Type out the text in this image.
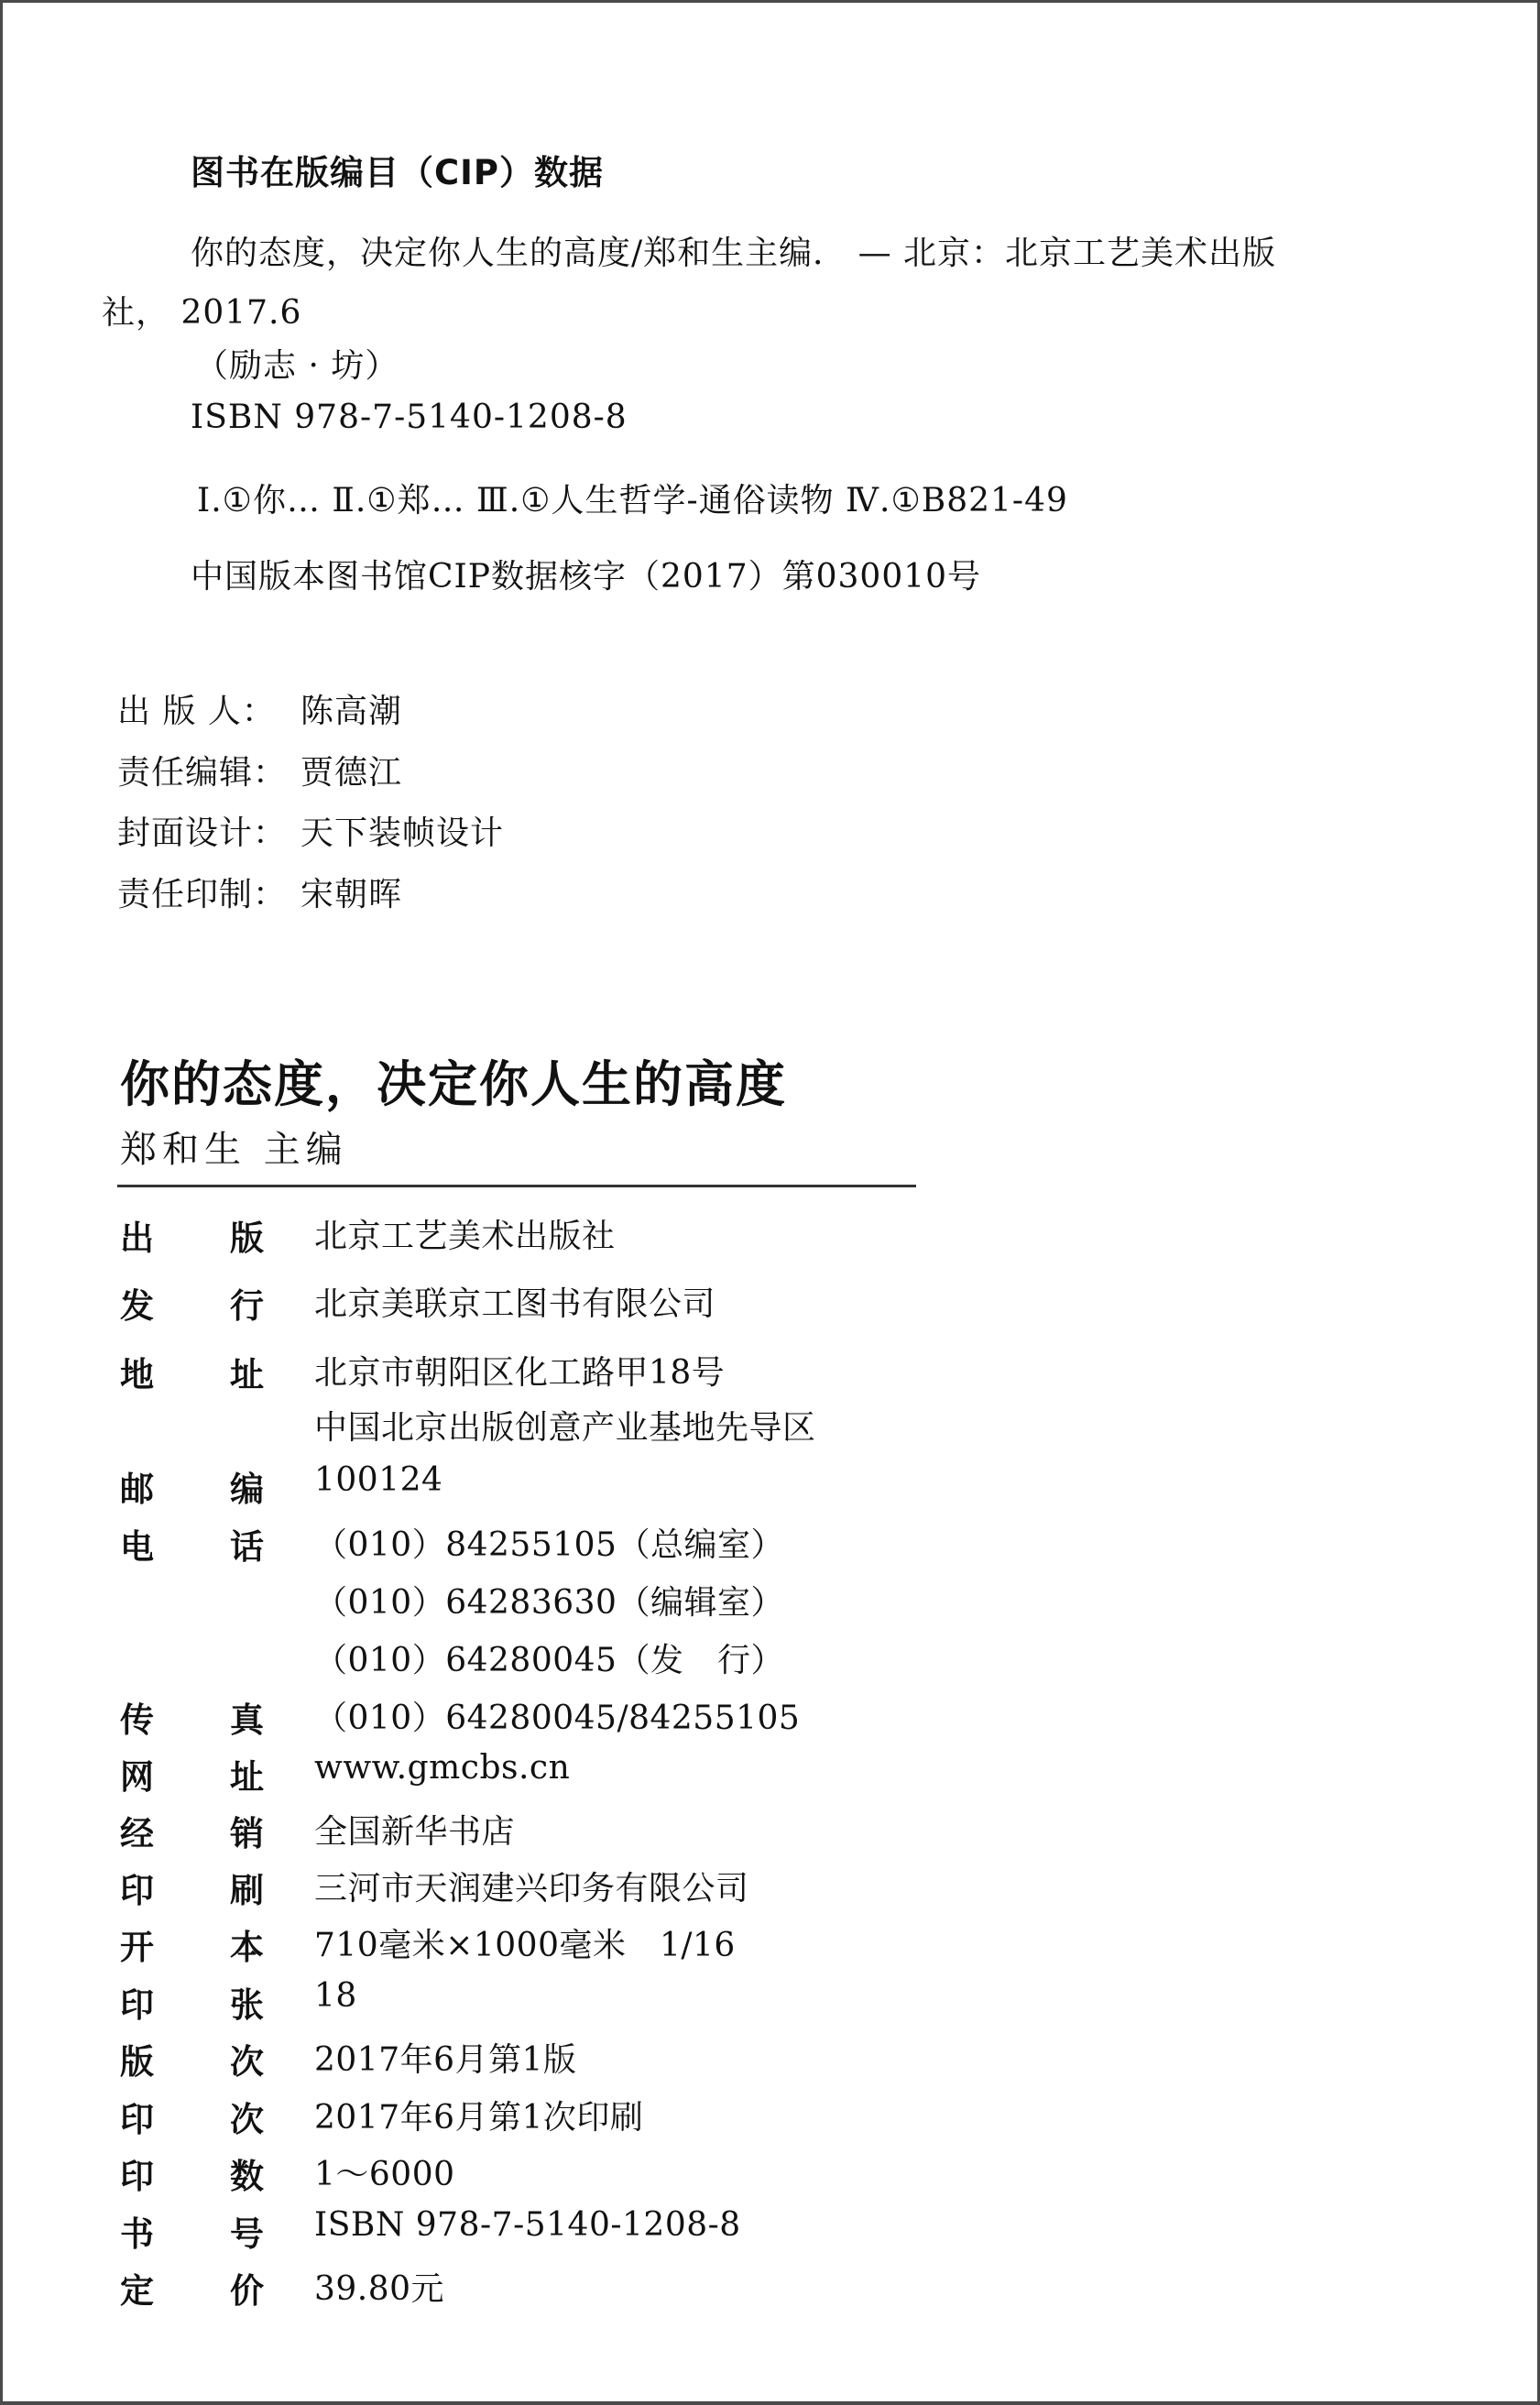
图书在版编目（CIP）数据
你的态度，决定你人生的高度/郑和生主编． — 北京：北京工艺美术出版
社， 2017.6
（励志 · 坊）
ISBN 978-7-5140-1208-8
Ⅰ.①你… Ⅱ.①郑… Ⅲ.①人生哲学-通俗读物 Ⅳ.①B821-49
中国版本图书馆CIP数据核字（2017）第030010号
出 版 人： 陈高潮
责任编辑： 贾德江
封面设计： 天下装帧设计
责任印制： 宋朝晖
你的态度，决定你人生的高度
郑和生 主编
出 版 北京工艺美术出版社
发 行 北京美联京工图书有限公司
地 址 北京市朝阳区化工路甲18号
中国北京出版创意产业基地先导区
邮 编 100124
电 话 （010）84255105（总编室）
（010）64283630（编辑室）
（010）64280045（发　行）
传 真 （010）64280045/84255105
网 址 www.gmcbs.cn
经 销 全国新华书店
印 刷 三河市天润建兴印务有限公司
开 本 710毫米×1000毫米　1/16
印 张 18
版 次 2017年6月第1版
印 次 2017年6月第1次印刷
印 数 1～6000
书 号 ISBN 978-7-5140-1208-8
定 价 39.80元
